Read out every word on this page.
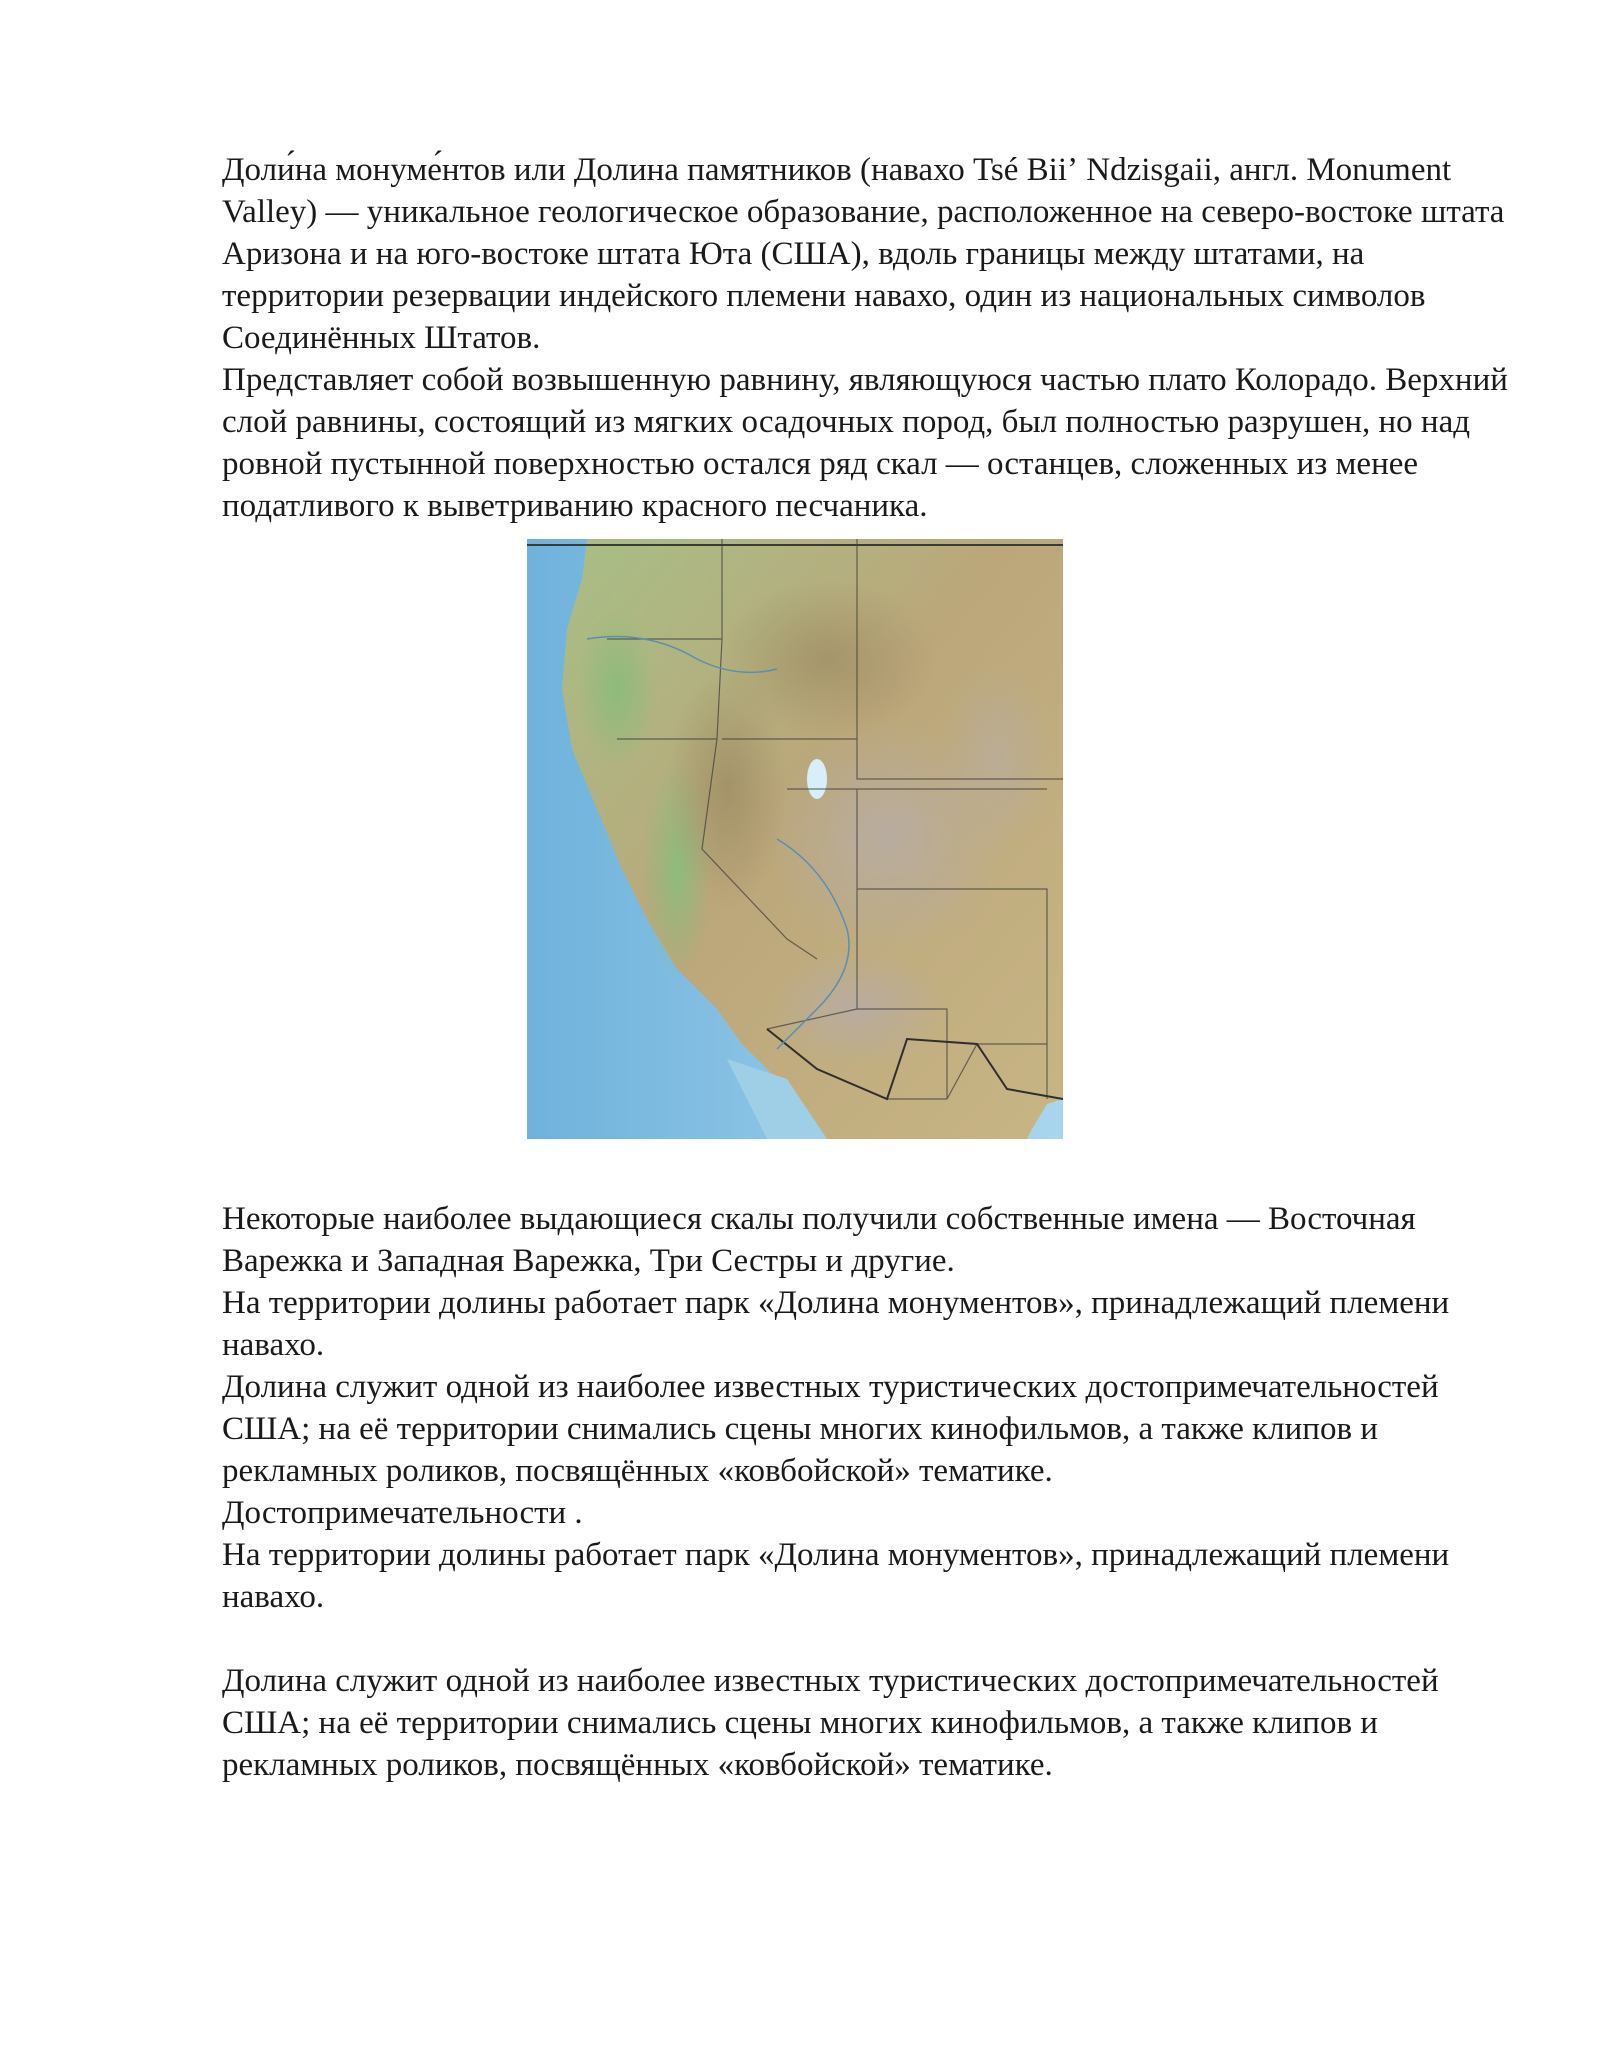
Доли́на монуме́нтов или Долина памятников (навахо Tsé Biiʼ Ndzisgaii, англ. Monument Valley) — уникальное геологическое образование, расположенное на северо-востоке штата Аризона и на юго-востоке штата Юта (США), вдоль границы между штатами, на территории резервации индейского племени навахо, один из национальных символов Соединённых Штатов.

Представляет собой возвышенную равнину, являющуюся частью плато Колорадо. Верхний слой равнины, состоящий из мягких осадочных пород, был полностью разрушен, но над ровной пустынной поверхностью остался ряд скал — останцев, сложенных из менее податливого к выветриванию красного песчаника.

Некоторые наиболее выдающиеся скалы получили собственные имена — Восточная Варежка и Западная Варежка, Три Сестры и другие.

На территории долины работает парк «Долина монументов», принадлежащий племени навахо.

Долина служит одной из наиболее известных туристических достопримечательностей США; на её территории снимались сцены многих кинофильмов, а также клипов и рекламных роликов, посвящённых «ковбойской» тематике.

Достопримечательности .

На территории долины работает парк «Долина монументов», принадлежащий племени навахо.

Долина служит одной из наиболее известных туристических достопримечательностей США; на её территории снимались сцены многих кинофильмов, а также клипов и рекламных роликов, посвящённых «ковбойской» тематике.
